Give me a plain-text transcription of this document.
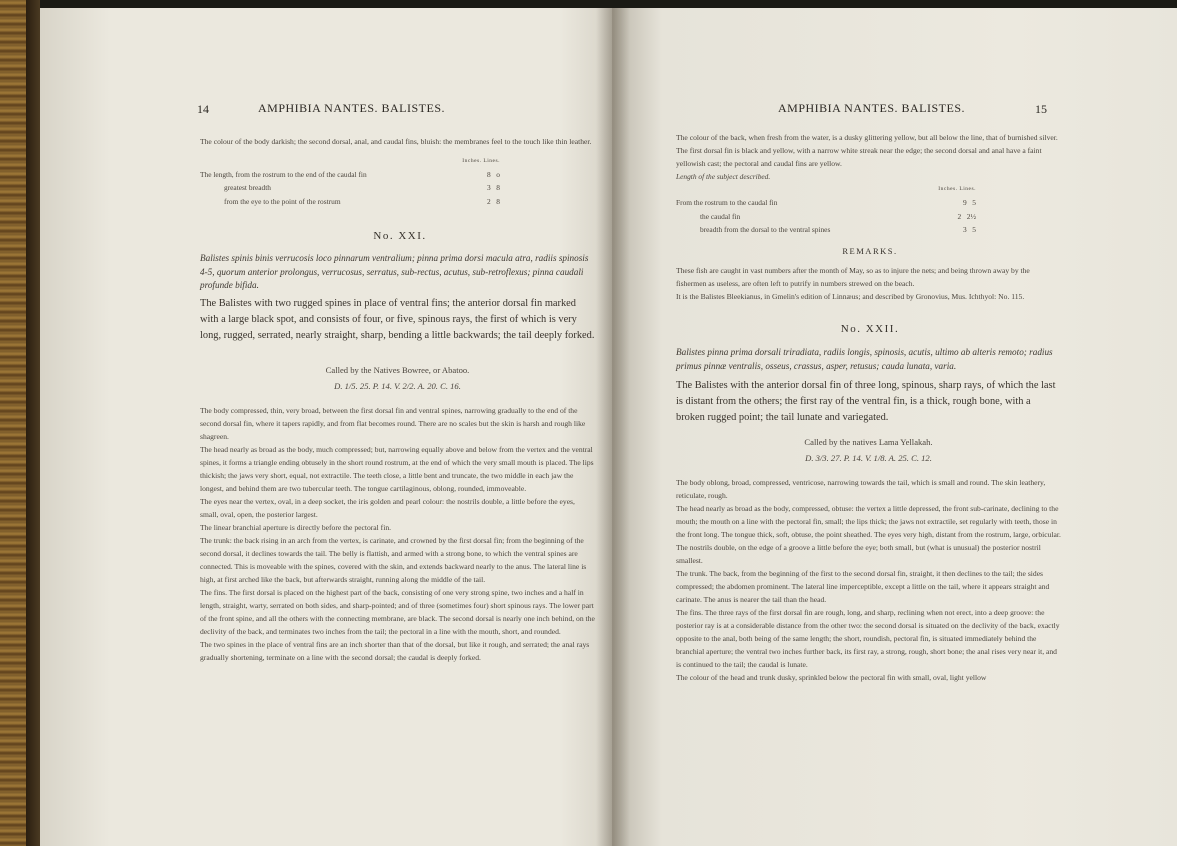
14	AMPHIBIA NANTES. BALISTES.
The colour of the body darkish; the second dorsal, anal, and caudal fins, bluish: the membranes feel to the touch like thin leather.
Inches. Lines.
The length, from the rostrum to the end of the caudal fin	8 o
greatest breadth	3 8
from the eye to the point of the rostrum	2 8
No. XXI.
Balistes spinis binis verrucosis loco pinnarum ventralium; pinna prima dorsi macula atra, radiis spinosis 4-5, quorum anterior prolongus, verrucosus, serratus, sub-rectus, acutus, sub-retroflexus; pinna caudali profunde bifida.
The Balistes with two rugged spines in place of ventral fins; the anterior dorsal fin marked with a large black spot, and consists of four, or five, spinous rays, the first of which is very long, rugged, serrated, nearly straight, sharp, bending a little backwards; the tail deeply forked.
Called by the Natives Bowree, or Abatoo.
D. 1/5. 25. P. 14. V. 2/2. A. 20. C. 16.

The body compressed, thin, very broad, between the first dorsal fin and ventral spines, narrowing gradually to the end of the second dorsal fin, where it tapers rapidly, and from flat becomes round. There are no scales but the skin is harsh and rough like shagreen.

The head nearly as broad as the body, much compressed; but, narrowing equally above and below from the vertex and the ventral spines, it forms a triangle ending obtusely in the short round rostrum, at the end of which the very small mouth is placed. The lips thickish; the jaws very short, equal, not extractile. The teeth close, a little bent and truncate, the two middle in each jaw the longest, and behind them are two tubercular teeth. The tongue cartilaginous, oblong, rounded, immoveable.

The eyes near the vertex, oval, in a deep socket, the iris golden and pearl colour: the nostrils double, a little before the eyes, small, oval, open, the posterior largest.

The linear branchial aperture is directly before the pectoral fin.

The trunk: the back rising in an arch from the vertex, is carinate, and crowned by the first dorsal fin; from the beginning of the second dorsal, it declines towards the tail. The belly is flattish, and armed with a strong bone, to which the ventral spines are connected. This is moveable with the spines, covered with the skin, and extends backward nearly to the anus. The lateral line is high, at first arched like the back, but afterwards straight, running along the middle of the tail.

The fins. The first dorsal is placed on the highest part of the back, consisting of one very strong spine, two inches and a half in length, straight, warty, serrated on both sides, and sharp-pointed; and of three (sometimes four) short spinous rays. The lower part of the front spine, and all the others with the connecting membrane, are black. The second dorsal is nearly one inch behind, on the declivity of the back, and terminates two inches from the tail; the pectoral in a line with the mouth, short, and rounded.

The two spines in the place of ventral fins are an inch shorter than that of the dorsal, but like it rough, and serrated; the anal rays gradually shortening, terminate on a line with the second dorsal; the caudal is deeply forked.

AMPHIBIA NANTES. BALISTES.	15
The colour of the back, when fresh from the water, is a dusky glittering yellow, but all below the line, that of burnished silver. The first dorsal fin is black and yellow, with a narrow white streak near the edge; the second dorsal and anal have a faint yellowish cast; the pectoral and caudal fins are yellow.
Length of the subject described.
Inches. Lines.
From the rostrum to the caudal fin	9 5
the caudal fin	2 2½
breadth from the dorsal to the ventral spines	3 5
REMARKS.

These fish are caught in vast numbers after the month of May, so as to injure the nets; and being thrown away by the fishermen as useless, are often left to putrify in numbers strewed on the beach.

It is the Balistes Bleekianus, in Gmelin's edition of Linnæus; and described by Gronovius, Mus. Ichthyol: No. 115.

No. XXII.
Balistes pinna prima dorsali triradiata, radiis longis, spinosis, acutis, ultimo ab alteris remoto; radius primus pinnæ ventralis, osseus, crassus, asper, retusus; cauda lunata, varia.
The Balistes with the anterior dorsal fin of three long, spinous, sharp rays, of which the last is distant from the others; the first ray of the ventral fin, is a thick, rough bone, with a broken rugged point; the tail lunate and variegated.
Called by the natives Lama Yellakah.
D. 3/3. 27. P. 14. V. 1/8. A. 25. C. 12.

The body oblong, broad, compressed, ventricose, narrowing towards the tail, which is small and round. The skin leathery, reticulate, rough.

The head nearly as broad as the body, compressed, obtuse: the vertex a little depressed, the front sub-carinate, declining to the mouth; the mouth on a line with the pectoral fin, small; the lips thick; the jaws not extractile, set regularly with teeth, those in the front long. The tongue thick, soft, obtuse, the point sheathed. The eyes very high, distant from the rostrum, large, orbicular. The nostrils double, on the edge of a groove a little before the eye; both small, but (what is unusual) the posterior nostril smallest.

The trunk. The back, from the beginning of the first to the second dorsal fin, straight, it then declines to the tail; the sides compressed; the abdomen prominent. The lateral line imperceptible, except a little on the tail, where it appears straight and carinate. The anus is nearer the tail than the head.

The fins. The three rays of the first dorsal fin are rough, long, and sharp, reclining when not erect, into a deep groove: the posterior ray is at a considerable distance from the other two: the second dorsal is situated on the declivity of the back, exactly opposite to the anal, both being of the same length; the short, roundish, pectoral fin, is situated immediately behind the branchial aperture; the ventral two inches further back, its first ray, a strong, rough, short bone; the anal rises very near it, and is continued to the tail; the caudal is lunate.

The colour of the head and trunk dusky, sprinkled below the pectoral fin with small, oval, light yellow
